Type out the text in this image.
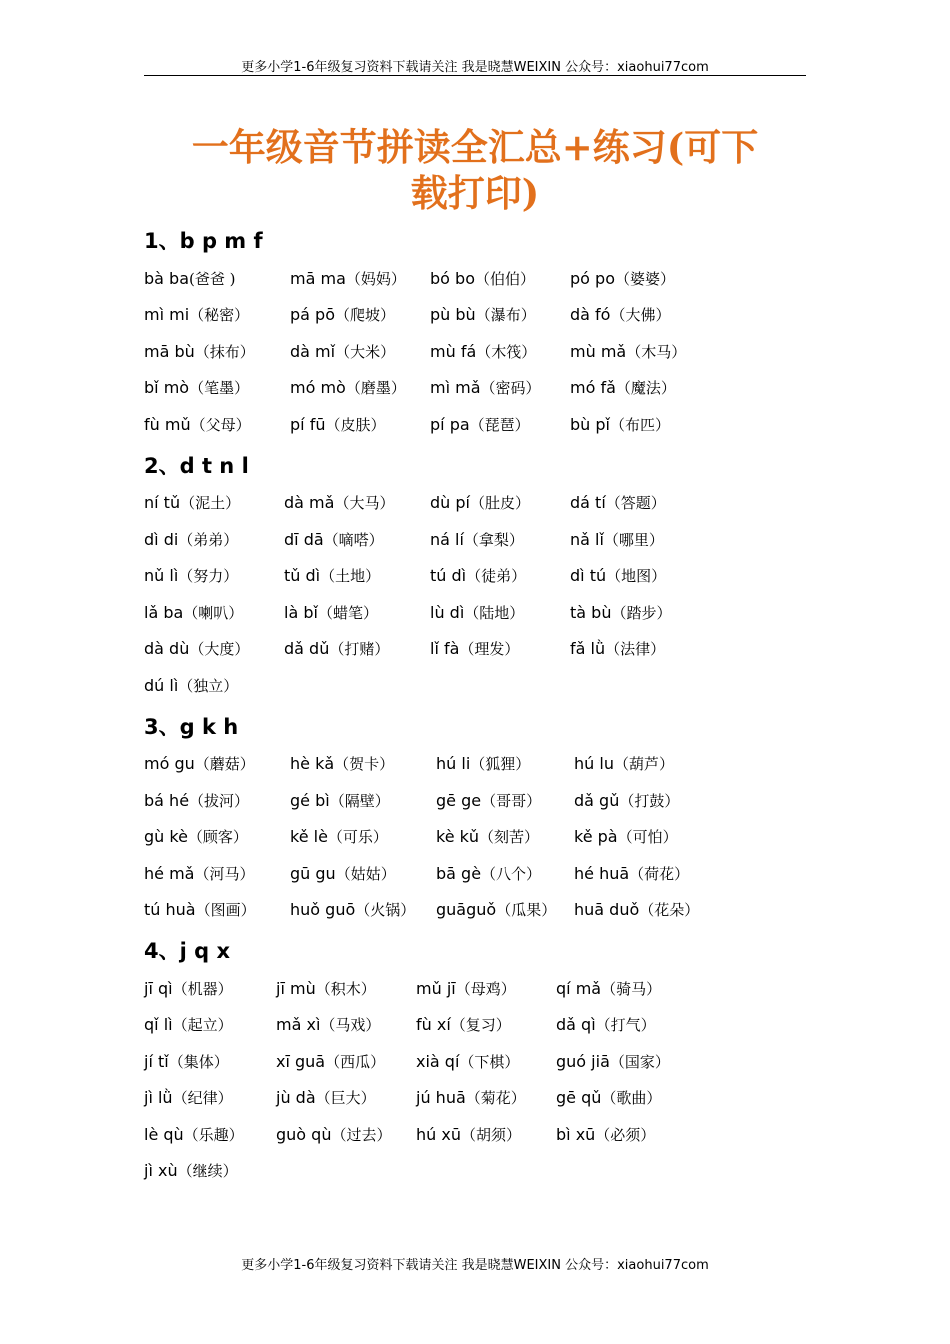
更多小学1-6年级复习资料下载请关注 我是晓慧WEIXIN 公众号：xiaohui77com
一年级音节拼读全汇总+练习(可下
载打印)
1、b p m f
bà ba(爸爸 )	mā ma（妈妈）	bó bo（伯伯）	pó po（婆婆）
mì mi（秘密）	pá pō（爬坡）	pù bù（瀑布）	dà fó（大佛）
mā bù（抹布）	dà mǐ（大米）	mù fá（木筏）	mù mǎ（木马）
bǐ mò（笔墨）	mó mò（磨墨）	mì mǎ（密码）	mó fǎ（魔法）
fù mǔ（父母）	pí fū（皮肤）	pí pa（琵琶）	bù pǐ（布匹）
2、d t n l
ní tǔ（泥土）	dà mǎ（大马）	dù pí（肚皮）	dá tí（答题）
dì di（弟弟）	dī dā（嘀嗒）	ná lí（拿梨）	nǎ lǐ（哪里）
nǔ lì（努力）	tǔ dì（土地）	tú dì（徒弟）	dì tú（地图）
lǎ ba（喇叭）	là bǐ（蜡笔）	lù dì（陆地）	tà bù（踏步）
dà dù（大度）	dǎ dǔ（打赌）	lǐ fà（理发）	fǎ lǜ（法律）
dú lì（独立）
3、g k h
mó gu（蘑菇）	hè kǎ（贺卡）	hú li（狐狸）	hú lu（葫芦）
bá hé（拔河）	gé bì（隔壁）	gē ge（哥哥）	dǎ gǔ（打鼓）
gù kè（顾客）	kě lè（可乐）	kè kǔ（刻苦）	kě pà（可怕）
hé mǎ（河马）	gū gu（姑姑）	bā gè（八个）	hé huā（荷花）
tú huà（图画）	huǒ guō（火锅）	guāguǒ（瓜果）	huā duǒ（花朵）
4、j q x
jī qì（机器）	jī mù（积木）	mǔ jī（母鸡）	qí mǎ（骑马）
qǐ lì（起立）	mǎ xì（马戏）	fù xí（复习）	dǎ qì（打气）
jí tǐ（集体）	xī guā（西瓜）	xià qí（下棋）	guó jiā（国家）
jì lǜ（纪律）	jù dà（巨大）	jú huā（菊花）	gē qǔ（歌曲）
lè qù（乐趣）	guò qù（过去）	hú xū（胡须）	bì xū（必须）
jì xù（继续）
更多小学1-6年级复习资料下载请关注 我是晓慧WEIXIN 公众号：xiaohui77com
